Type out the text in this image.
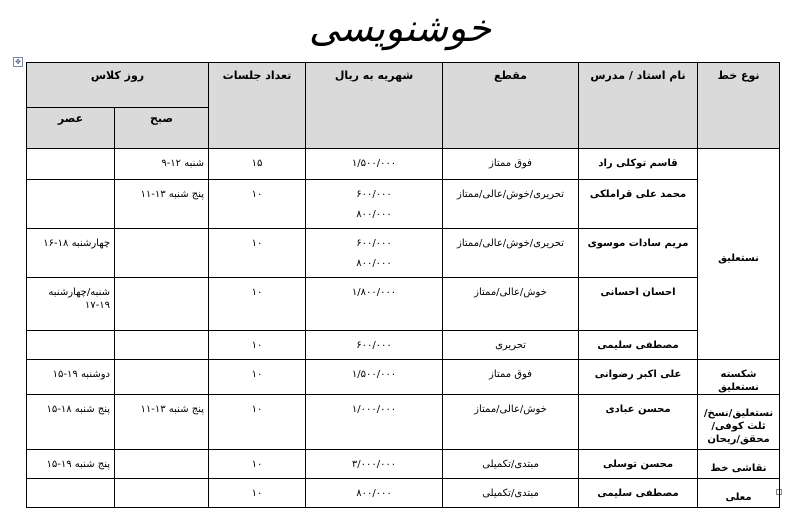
خوشنویسی
✥
نوع خط	نام استاد / مدرس	مقطع	شهریه به ریال	تعداد جلسات	روز کلاس	
					صبح	عصر
نستعلیق	قاسم توکلی راد	فوق ممتاز	۱/۵۰۰/۰۰۰	۱۵	شنبه ۱۲-۹	
	محمد علی قراملکی	تحریری/خوش/عالی/ممتاز	۶۰۰/۰۰۰
۸۰۰/۰۰۰	۱۰	پنج شنبه ۱۳-۱۱	
	مریم سادات موسوی	تحریری/خوش/عالی/ممتاز	۶۰۰/۰۰۰
۸۰۰/۰۰۰	۱۰		چهارشنبه ۱۸-۱۶
	احسان احسانی	خوش/عالی/ممتاز	۱/۸۰۰/۰۰۰	۱۰		شنبه/چهارشنبه ۱۹-۱۷
	مصطفی سلیمی	تحریری	۶۰۰/۰۰۰	۱۰		
شکسته نستعلیق	علی اکبر رضوانی	فوق ممتاز	۱/۵۰۰/۰۰۰	۱۰		دوشنبه ۱۹-۱۵
نستعلیق/نسخ/ثلث کوفی/محقق/ریحان	محسن عبادی	خوش/عالی/ممتاز	۱/۰۰۰/۰۰۰	۱۰	پنج شنبه ۱۳-۱۱	پنج شنبه ۱۸-۱۵
نقاشی خط	محسن توسلی	مبتدی/تکمیلی	۳/۰۰۰/۰۰۰	۱۰		پنج شنبه ۱۹-۱۵
معلی	مصطفی سلیمی	مبتدی/تکمیلی	۸۰۰/۰۰۰	۱۰		
